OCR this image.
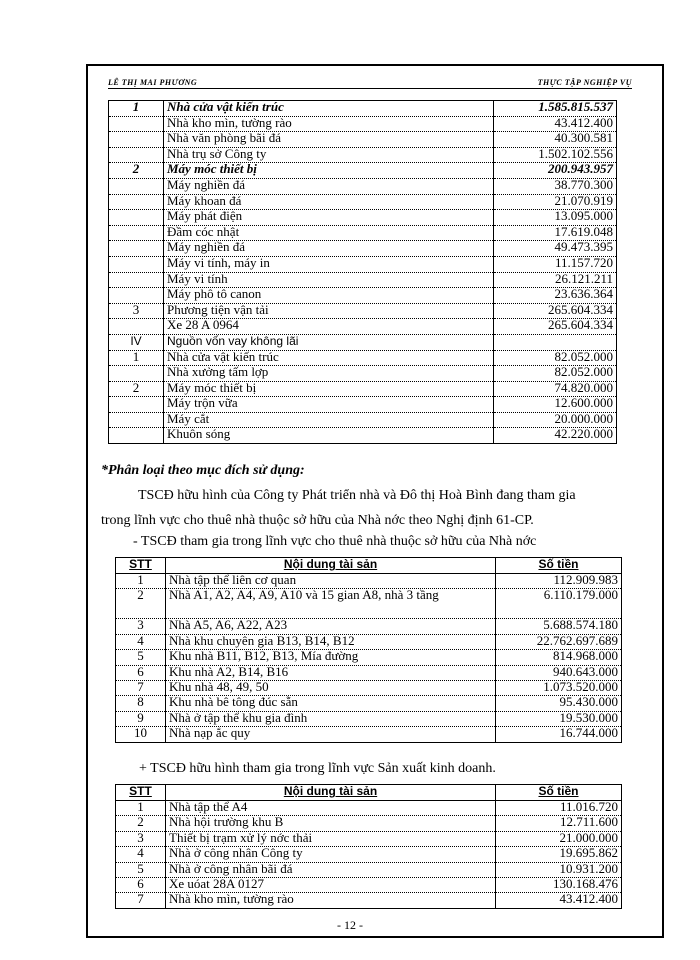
LÊ THỊ MAI PHƯƠNG	THỰC TẬP NGHIỆP VỤ
1	Nhà cửa vật kiến trúc	1.585.815.537
	Nhà kho mìn, tường rào	43.412.400
	Nhà văn phòng bãi đá	40.300.581
	Nhà trụ sở Công ty	1.502.102.556
2	Máy móc thiết bị	200.943.957
	Máy nghiền đá	38.770.300
	Máy khoan đá	21.070.919
	Máy phát điện	13.095.000
	Đầm cóc nhật	17.619.048
	Máy nghiền đá	49.473.395
	Máy vi tính, máy in	11.157.720
	Máy vi tính	26.121.211
	Máy phô tô canon	23.636.364
3	Phương tiện vận tải	265.604.334
	Xe 28 A 0964	265.604.334
IV	Nguồn vốn vay không lãi	
1	Nhà cửa vật kiến trúc	82.052.000
	Nhà xưởng tấm lợp	82.052.000
2	Máy móc thiết bị	74.820.000
	Máy trộn vữa	12.600.000
	Máy cắt	20.000.000
	Khuôn sóng	42.220.000
*Phân loại theo mục đích sử dụng:
TSCĐ hữu hình của Công ty Phát triển nhà và Đô thị Hoà Bình đang tham gia
trong lĩnh vực cho thuê nhà thuộc sở hữu của Nhà nớc theo Nghị định 61-CP.
- TSCĐ tham gia trong lĩnh vực cho thuê nhà thuộc sở hữu của Nhà nớc
STT	Nội dung tài sản	Số tiền
1	Nhà tập thể liên cơ quan	112.909.983
2	Nhà A1, A2, A4, A9, A10 và 15 gian A8, nhà 3 tầng	6.110.179.000
3	Nhà A5, A6, A22, A23	5.688.574.180
4	Nhà khu chuyên gia B13, B14, B12	22.762.697.689
5	Khu nhà B11, B12, B13, Mía đường	814.968.000
6	Khu nhà A2, B14, B16	940.643.000
7	Khu nhà 48, 49, 50	1.073.520.000
8	Khu nhà bê tông đúc sẵn	95.430.000
9	Nhà ở tập thể khu gia đình	19.530.000
10	Nhà nạp ắc quy	16.744.000
+ TSCĐ hữu hình tham gia trong lĩnh vực Sản xuất kinh doanh.
STT	Nội dung tài sản	Số tiền
1	Nhà tập thể A4	11.016.720
2	Nhà hội trường khu B	12.711.600
3	Thiết bị trạm xử lý nớc thải	21.000.000
4	Nhà ở công nhân Công ty	19.695.862
5	Nhà ở công nhân bãi đá	10.931.200
6	Xe uóat 28A 0127	130.168.476
7	Nhà kho mìn, tường rào	43.412.400
- 12 -
